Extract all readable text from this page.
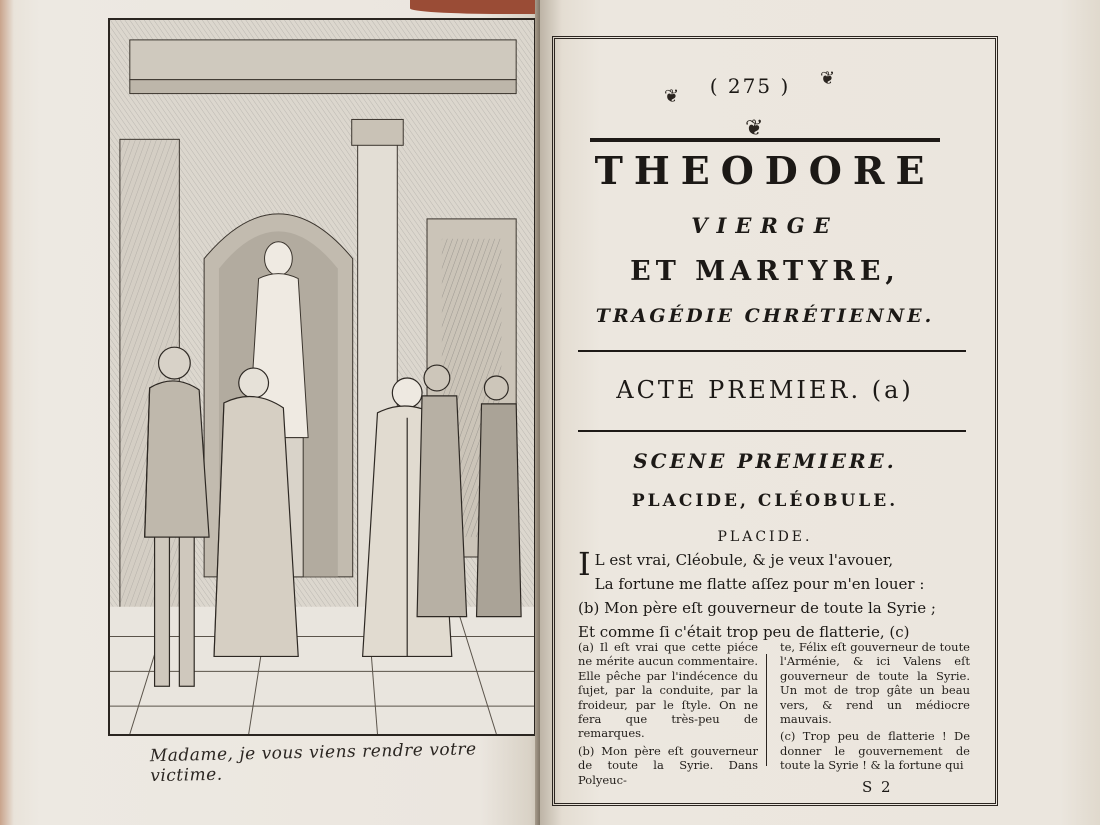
Madame, je vous viens rendre votre victime.
❦ ( 275 ) ❦
❦
THEODORE
VIERGE
ET MARTYRE,
TRAGÉDIE CHRÉTIENNE.
ACTE PREMIER. (a)
SCENE PREMIERE.
PLACIDE, CLÉOBULE.
PLACIDE.
IL est vrai, Cléobule, & je veux l'avouer,
La fortune me flatte aſſez pour m'en louer :
(b) Mon père eſt gouverneur de toute la Syrie ;
Et comme ſi c'était trop peu de flatterie, (c)

(a) Il eſt vrai que cette piéce ne mérite aucun commentaire. Elle pêche par l'indécence du ſujet, par la conduite, par la froideur, par le ſtyle. On ne fera que très-peu de remarques.

(b) Mon père eſt gouverneur de toute la Syrie. Dans Polyeuc-

te, Félix eſt gouverneur de toute l'Arménie, & ici Valens eſt gouverneur de toute la Syrie. Un mot de trop gâte un beau vers, & rend un médiocre mauvais.

(c) Trop peu de flatterie ! De donner le gouvernement de toute la Syrie ! & la fortune qui

S 2
